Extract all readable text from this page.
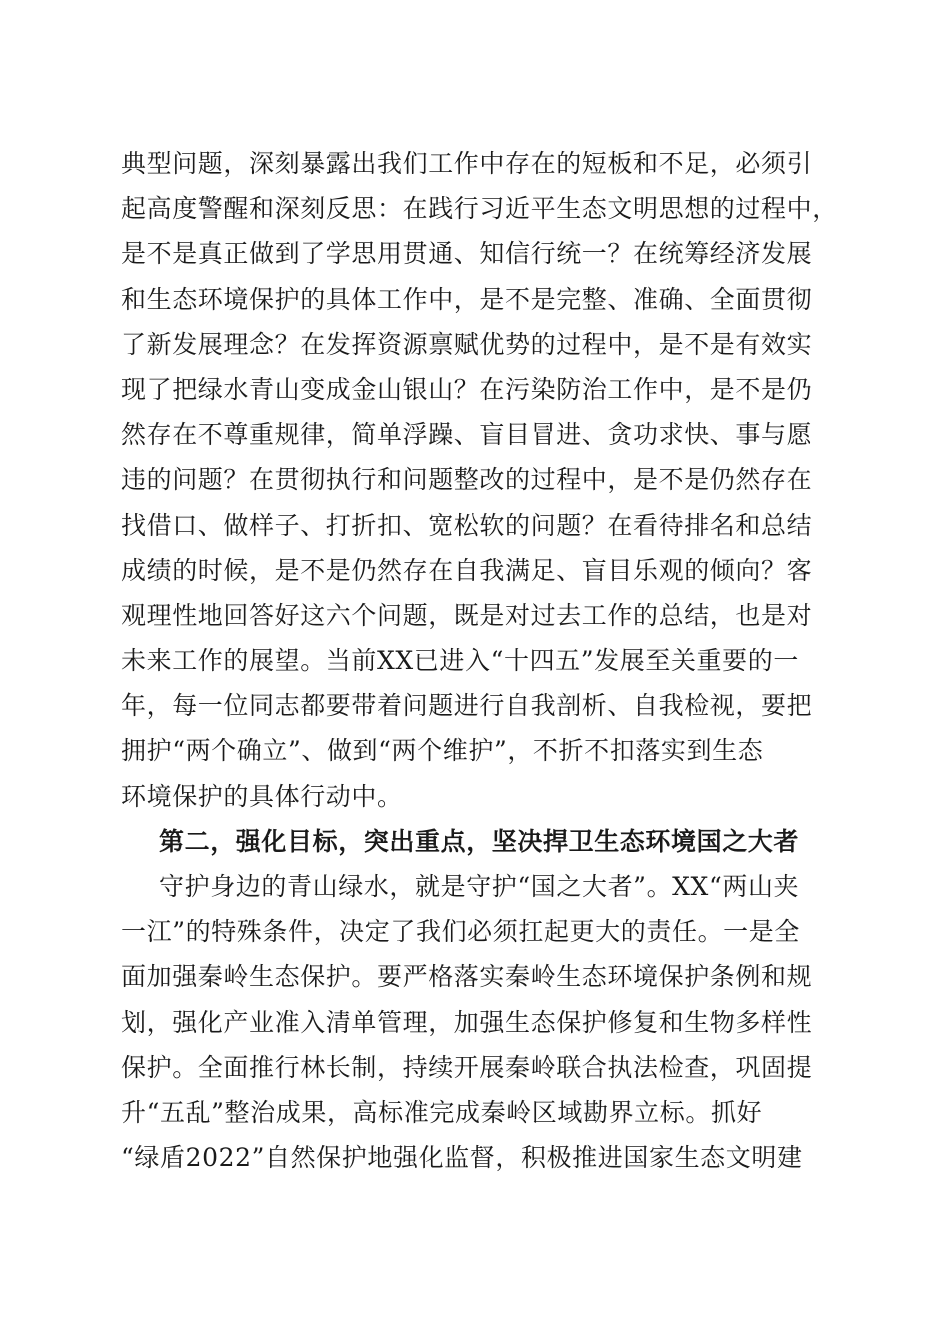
典型问题，深刻暴露出我们工作中存在的短板和不足，必须引
起高度警醒和深刻反思：在践行习近平生态文明思想的过程中，
是不是真正做到了学思用贯通、知信行统一？在统筹经济发展
和生态环境保护的具体工作中，是不是完整、准确、全面贯彻
了新发展理念？在发挥资源禀赋优势的过程中，是不是有效实
现了把绿水青山变成金山银山？在污染防治工作中，是不是仍
然存在不尊重规律，简单浮躁、盲目冒进、贪功求快、事与愿
违的问题？在贯彻执行和问题整改的过程中，是不是仍然存在
找借口、做样子、打折扣、宽松软的问题？在看待排名和总结
成绩的时候，是不是仍然存在自我满足、盲目乐观的倾向？客
观理性地回答好这六个问题，既是对过去工作的总结，也是对
未来工作的展望。当前XX已进入“十四五”发展至关重要的一
年，每一位同志都要带着问题进行自我剖析、自我检视，要把
拥护“两个确立”、做到“两个维护”，不折不扣落实到生态
环境保护的具体行动中。
第二，强化目标，突出重点，坚决捍卫生态环境国之大者
守护身边的青山绿水，就是守护“国之大者”。XX“两山夹
一江”的特殊条件，决定了我们必须扛起更大的责任。一是全
面加强秦岭生态保护。要严格落实秦岭生态环境保护条例和规
划，强化产业准入清单管理，加强生态保护修复和生物多样性
保护。全面推行林长制，持续开展秦岭联合执法检查，巩固提
升“五乱”整治成果，高标准完成秦岭区域勘界立标。抓好
“绿盾2022”自然保护地强化监督，积极推进国家生态文明建
